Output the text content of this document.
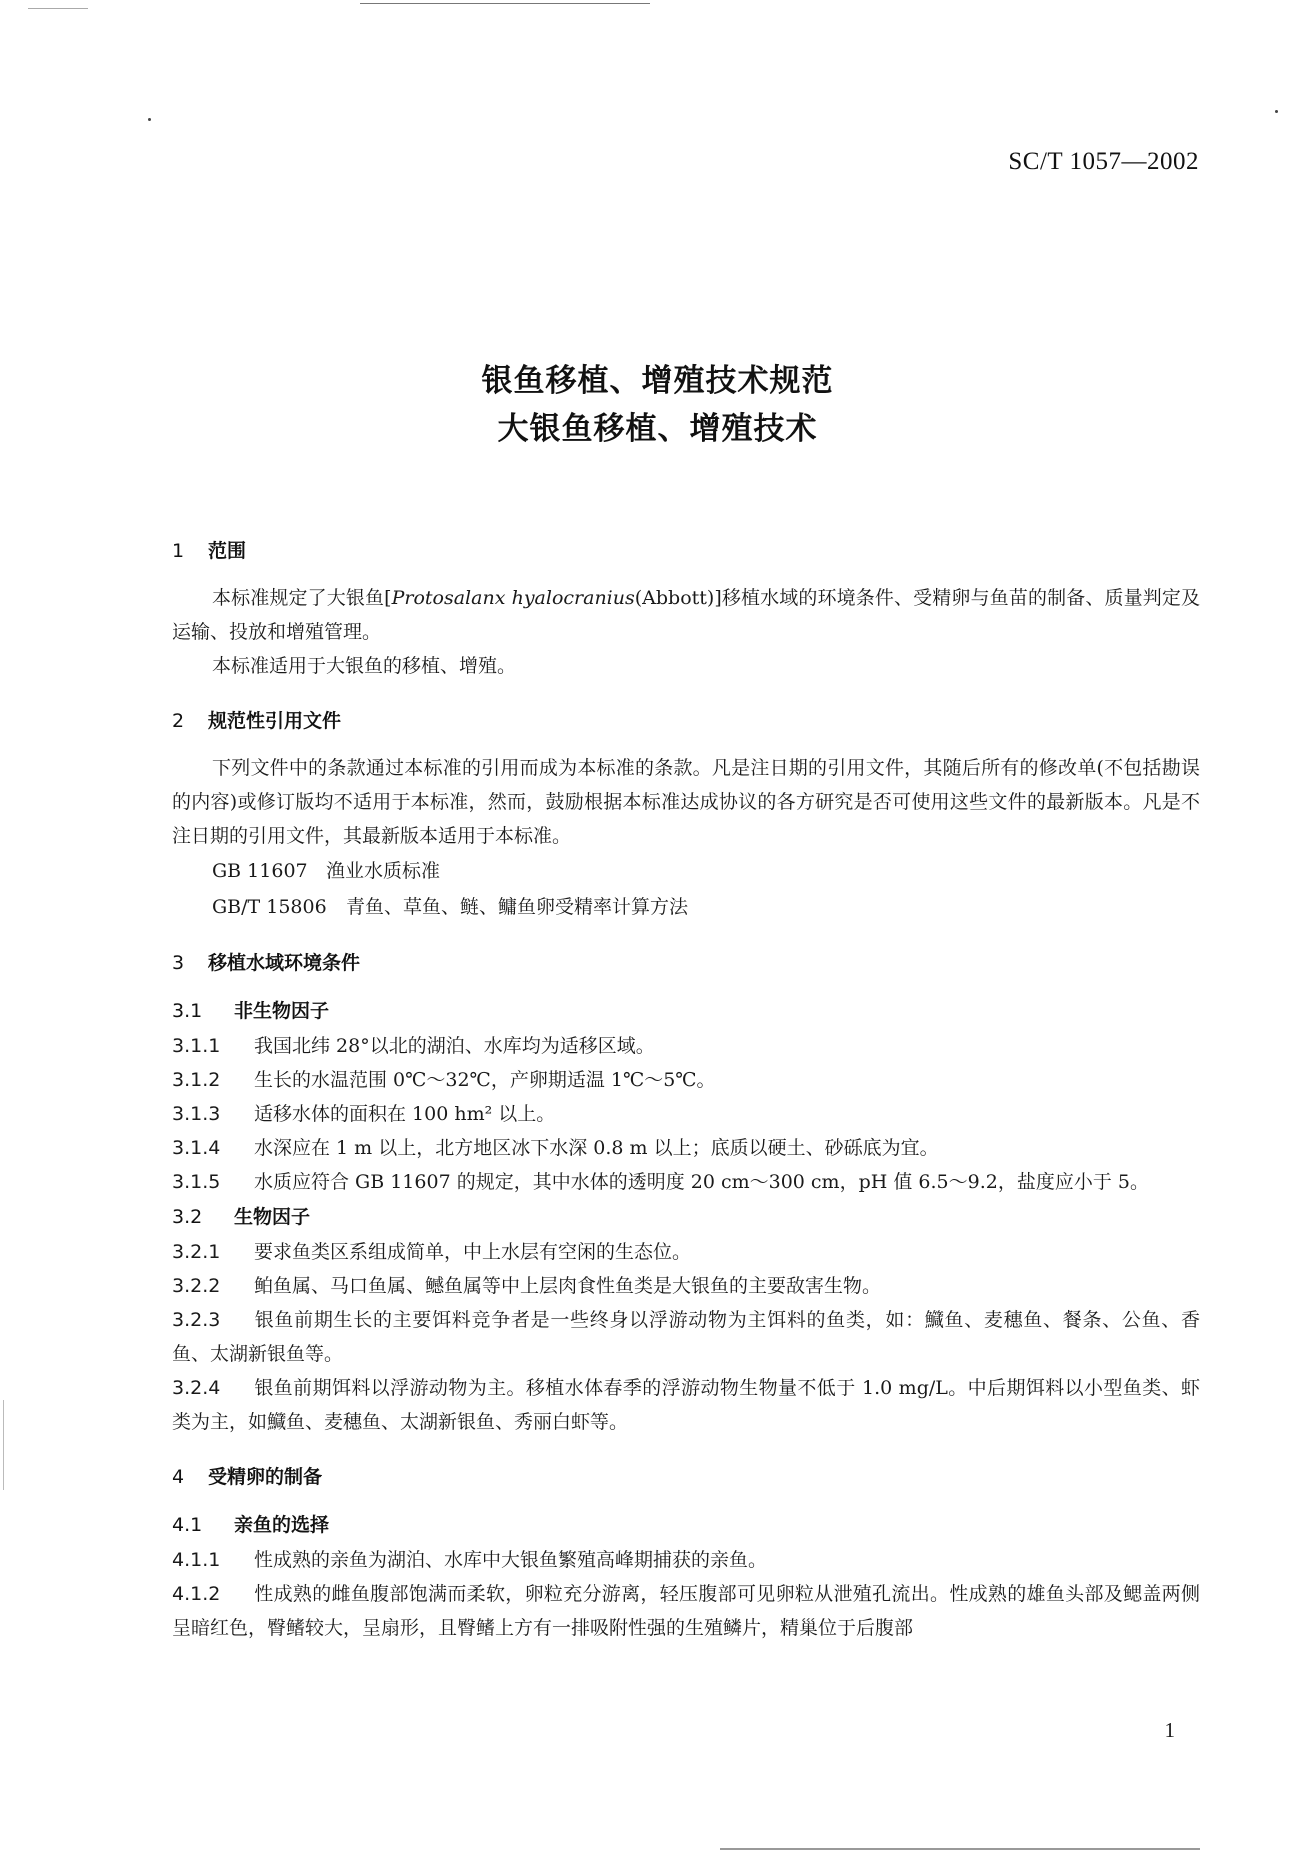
SC/T 1057—2002
银鱼移植、增殖技术规范
大银鱼移植、增殖技术
1 范围

本标准规定了大银鱼[Protosalanx hyalocranius(Abbott)]移植水域的环境条件、受精卵与鱼苗的制备、质量判定及运输、投放和增殖管理。

本标准适用于大银鱼的移植、增殖。

2 规范性引用文件

下列文件中的条款通过本标准的引用而成为本标准的条款。凡是注日期的引用文件，其随后所有的修改单(不包括勘误的内容)或修订版均不适用于本标准，然而，鼓励根据本标准达成协议的各方研究是否可使用这些文件的最新版本。凡是不注日期的引用文件，其最新版本适用于本标准。

GB 11607 渔业水质标准

GB/T 15806 青鱼、草鱼、鲢、鳙鱼卵受精率计算方法

3 移植水域环境条件
3.1 非生物因子

3.1.1 我国北纬 28°以北的湖泊、水库均为适移区域。

3.1.2 生长的水温范围 0℃～32℃，产卵期适温 1℃～5℃。

3.1.3 适移水体的面积在 100 hm² 以上。

3.1.4 水深应在 1 m 以上，北方地区冰下水深 0.8 m 以上；底质以硬土、砂砾底为宜。

3.1.5 水质应符合 GB 11607 的规定，其中水体的透明度 20 cm～300 cm，pH 值 6.5～9.2，盐度应小于 5。

3.2 生物因子

3.2.1 要求鱼类区系组成简单，中上水层有空闲的生态位。

3.2.2 鲌鱼属、马口鱼属、鳡鱼属等中上层肉食性鱼类是大银鱼的主要敌害生物。

3.2.3 银鱼前期生长的主要饵料竞争者是一些终身以浮游动物为主饵料的鱼类，如：鱵鱼、麦穗鱼、餐条、公鱼、香鱼、太湖新银鱼等。

3.2.4 银鱼前期饵料以浮游动物为主。移植水体春季的浮游动物生物量不低于 1.0 mg/L。中后期饵料以小型鱼类、虾类为主，如鱵鱼、麦穗鱼、太湖新银鱼、秀丽白虾等。

4 受精卵的制备
4.1 亲鱼的选择

4.1.1 性成熟的亲鱼为湖泊、水库中大银鱼繁殖高峰期捕获的亲鱼。

4.1.2 性成熟的雌鱼腹部饱满而柔软，卵粒充分游离，轻压腹部可见卵粒从泄殖孔流出。性成熟的雄鱼头部及鳃盖两侧呈暗红色，臀鳍较大，呈扇形，且臀鳍上方有一排吸附性强的生殖鳞片，精巢位于后腹部

1
